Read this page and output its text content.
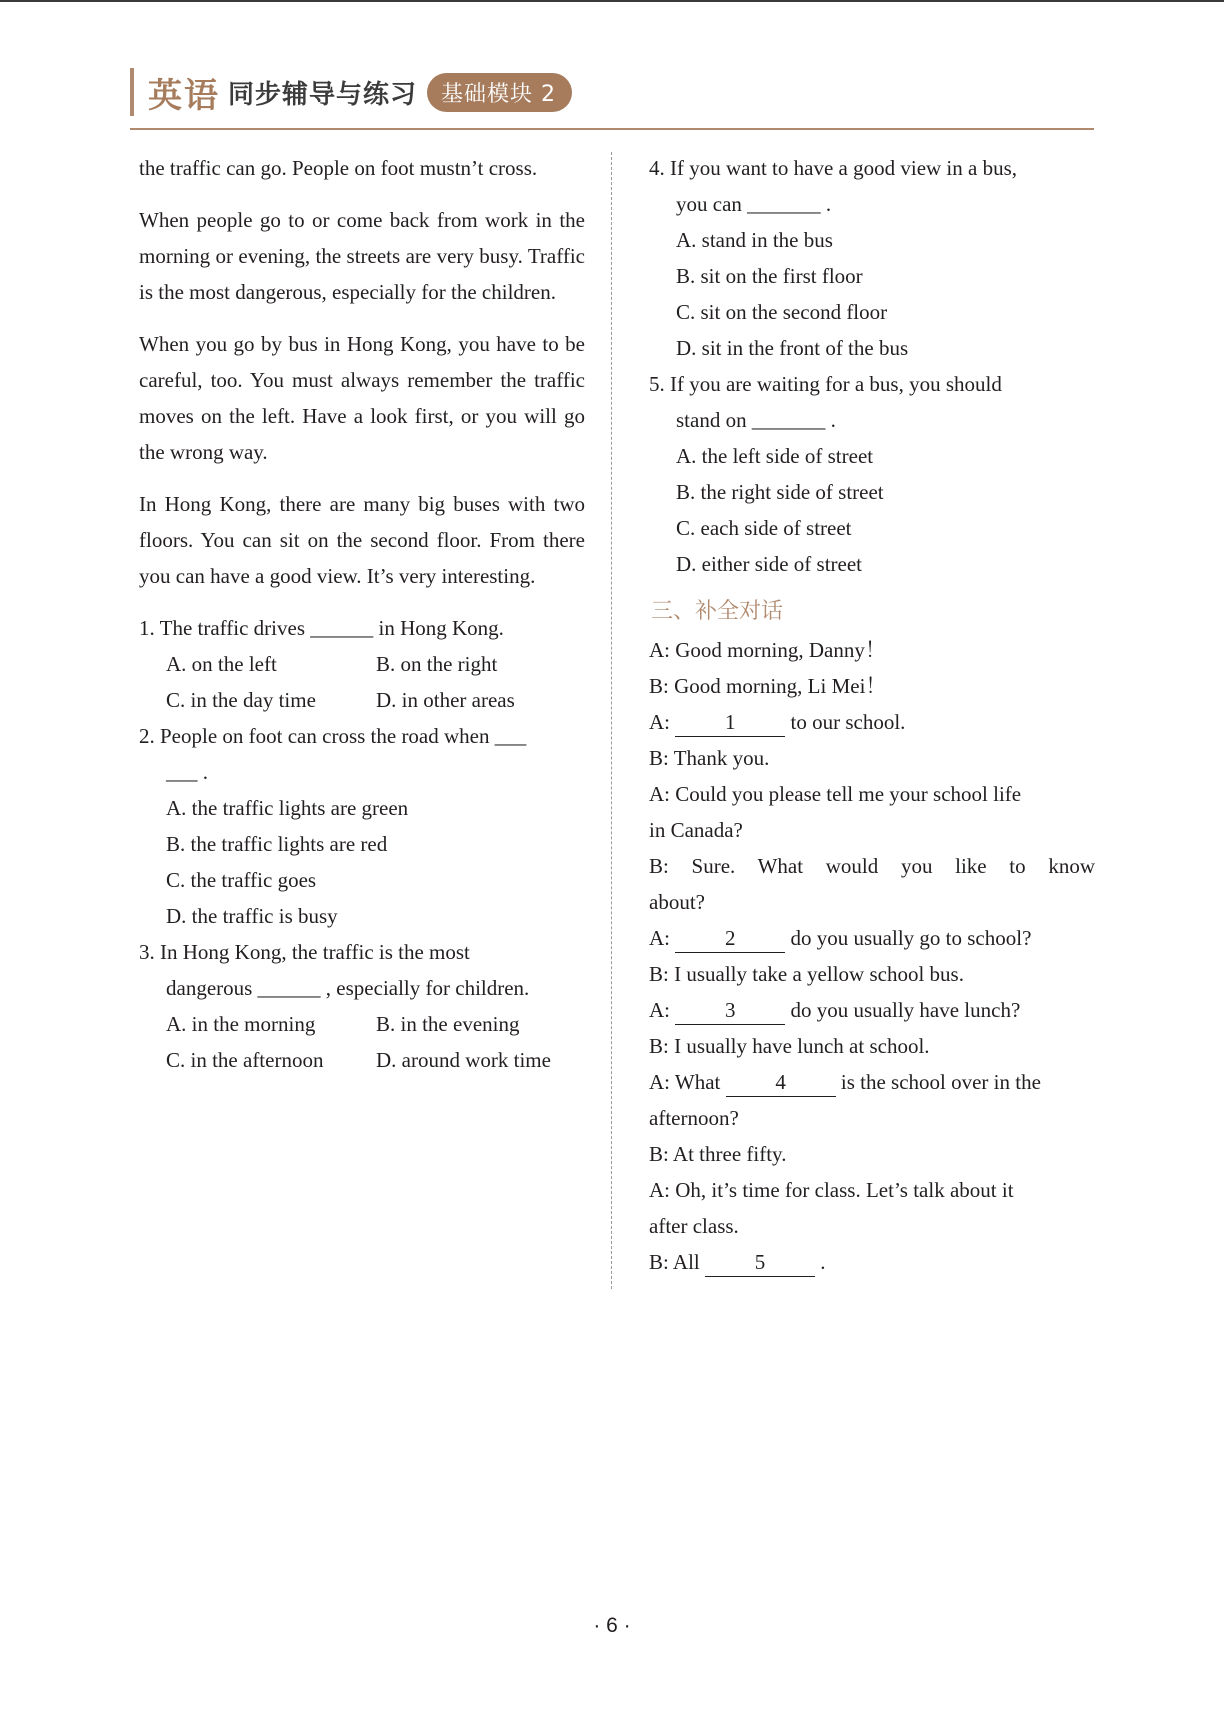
英语 同步辅导与练习	基础模块 2

the traffic can go. People on foot mustn’t cross.

When people go to or come back from work in the morning or evening, the streets are very busy. Traffic is the most dangerous, especially for the children.

When you go by bus in Hong Kong, you have to be careful, too. You must always remember the traffic moves on the left. Have a look first, or you will go the wrong way.

In Hong Kong, there are many big buses with two floors. You can sit on the second floor. From there you can have a good view. It’s very interesting.

1. The traffic drives ______ in Hong Kong.
A. on the left	B. on the right
C. in the day time	D. in other areas
2. People on foot can cross the road when ___
___ .
A. the traffic lights are green
B. the traffic lights are red
C. the traffic goes
D. the traffic is busy
3. In Hong Kong, the traffic is the most
dangerous ______ , especially for children.
A. in the morning	B. in the evening
C. in the afternoon	D. around work time
4. If you want to have a good view in a bus,
you can _______ .
A. stand in the bus
B. sit on the first floor
C. sit on the second floor
D. sit in the front of the bus
5. If you are waiting for a bus, you should
stand on _______ .
A. the left side of street
B. the right side of street
C. each side of street
D. either side of street
三、补全对话
A: Good morning, Danny！
B: Good morning, Li Mei！
A:	1	to our school.
B: Thank you.
A: Could you please tell me your school life
in Canada?
B: Sure. What would you like to know
about?
A:	2	do you usually go to school?
B: I usually take a yellow school bus.
A:	3	do you usually have lunch?
B: I usually have lunch at school.
A: What	4	is the school over in the
afternoon?
B: At three fifty.
A: Oh, it’s time for class. Let’s talk about it
after class.
B: All	5	.
· 6 ·
